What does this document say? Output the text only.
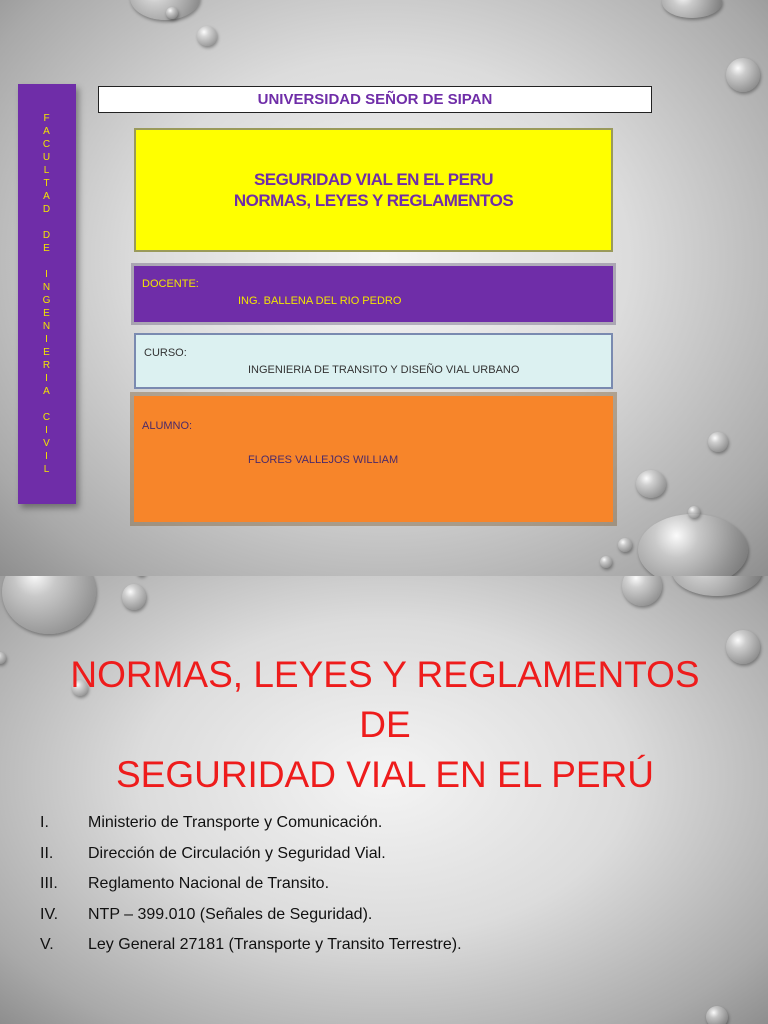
F
A
C
U
L
T
A
D
D
E
I
N
G
E
N
I
E
R
I
A
C
I
V
I
L
UNIVERSIDAD SEÑOR DE SIPAN
SEGURIDAD VIAL EN EL PERU
NORMAS, LEYES Y REGLAMENTOS
DOCENTE:
ING. BALLENA DEL RIO PEDRO
CURSO:
INGENIERIA DE TRANSITO Y DISEÑO VIAL URBANO
ALUMNO:
FLORES VALLEJOS WILLIAM
NORMAS, LEYES Y REGLAMENTOS DE
SEGURIDAD VIAL EN EL PERÚ
I. Ministerio de Transporte y Comunicación.
II. Dirección de Circulación y Seguridad Vial.
III. Reglamento Nacional de Transito.
IV. NTP – 399.010 (Señales de Seguridad).
V. Ley General 27181 (Transporte y Transito Terrestre).
